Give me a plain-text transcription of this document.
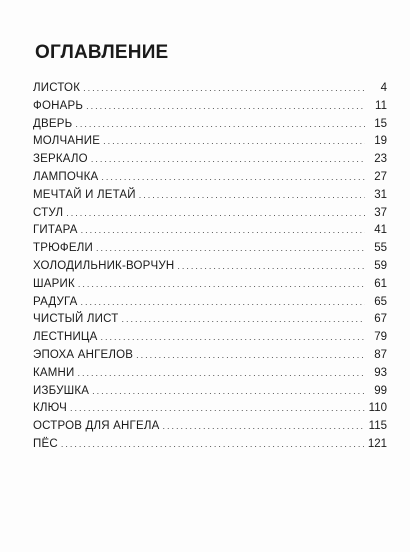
ОГЛАВЛЕНИЕ
ЛИСТОК . . .	4
ФОНАРЬ . . .	11
ДВЕРЬ . . .	15
МОЛЧАНИЕ . . .	19
ЗЕРКАЛО . . .	23
ЛАМПОЧКА . . .	27
МЕЧТАЙ И ЛЕТАЙ . . .	31
СТУЛ . . .	37
ГИТАРА . . .	41
ТРЮФЕЛИ . . .	55
ХОЛОДИЛЬНИК-ВОРЧУН . . .	59
ШАРИК . . .	61
РАДУГА . . .	65
ЧИСТЫЙ ЛИСТ . . .	67
ЛЕСТНИЦА . . .	79
ЭПОХА АНГЕЛОВ . . .	87
КАМНИ . . .	93
ИЗБУШКА . . .	99
КЛЮЧ . . .	110
ОСТРОВ ДЛЯ АНГЕЛА . . .	115
ПЁС . . .	121
